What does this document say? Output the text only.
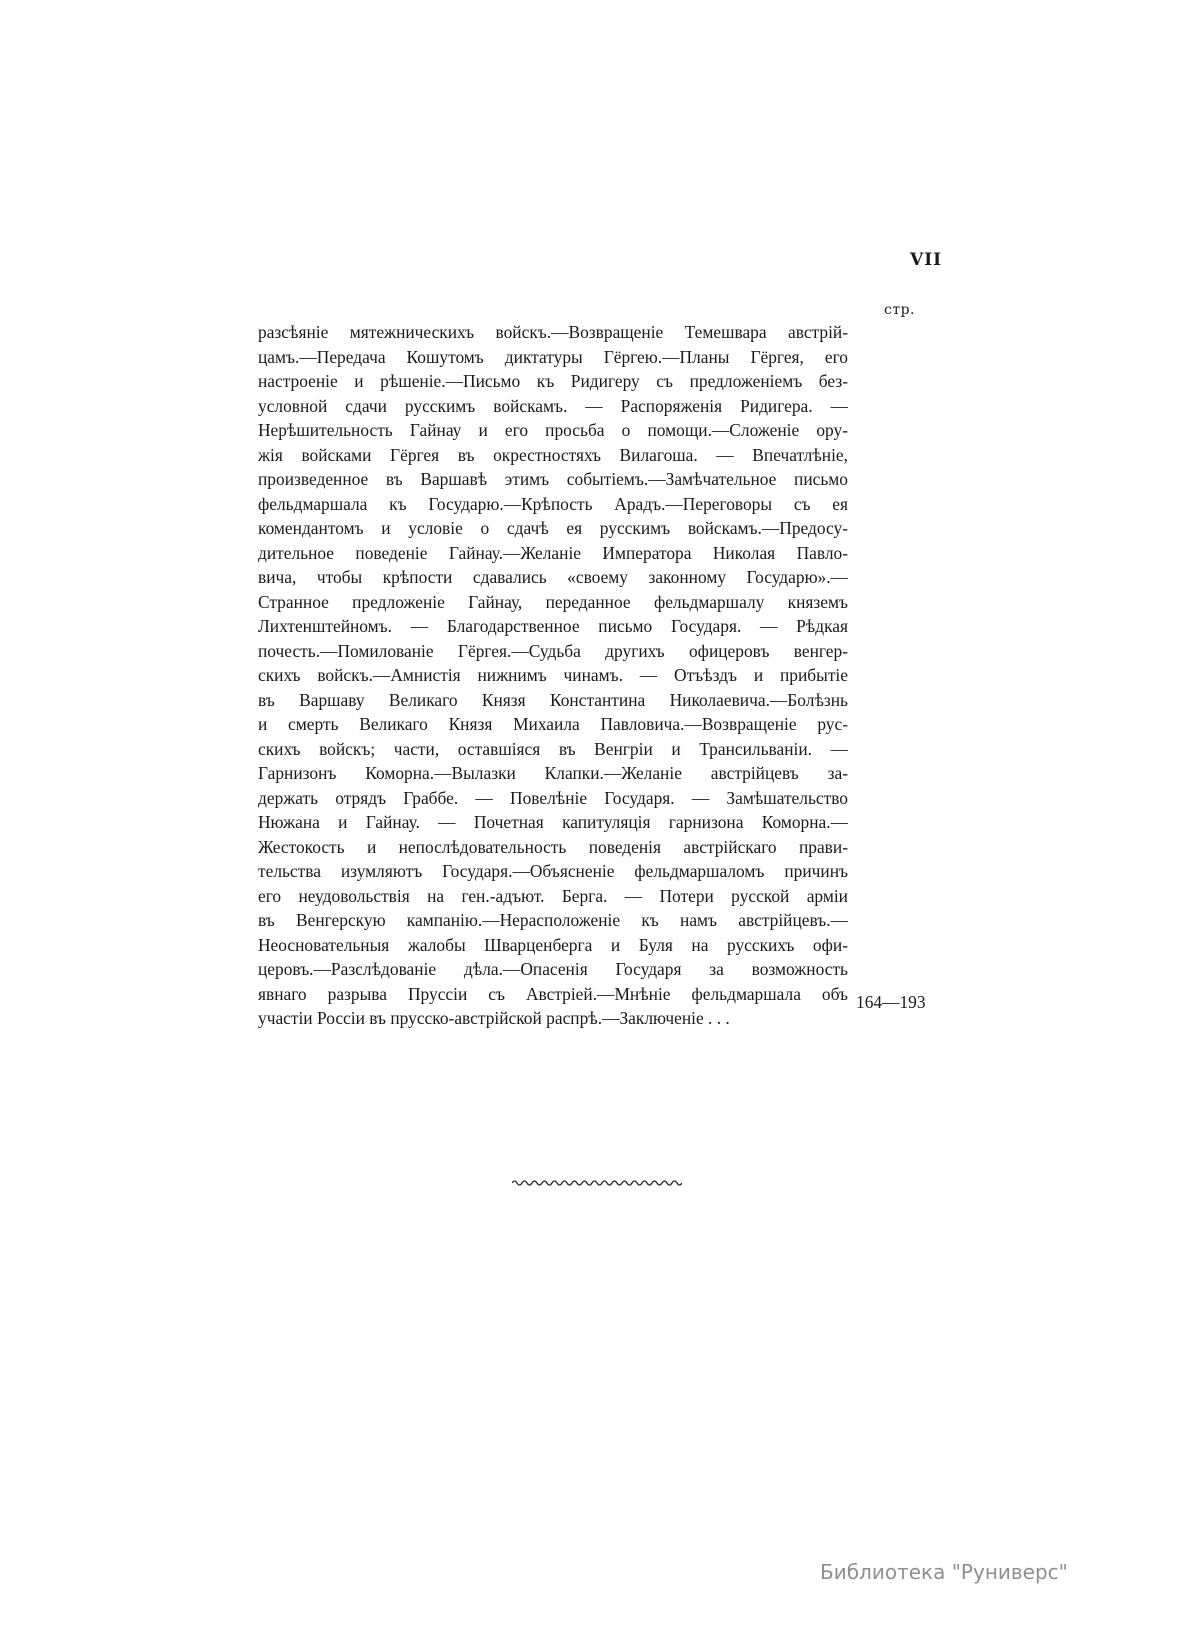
VII
стр.
разсѣяніе мятежническихъ войскъ.—Возвращеніе Темешвара австрій-
цамъ.—Передача Кошутомъ диктатуры Гёргею.—Планы Гёргея, его
настроеніе и рѣшеніе.—Письмо къ Ридигеру съ предложеніемъ без-
условной сдачи русскимъ войскамъ. — Распоряженія Ридигера. —
Нерѣшительность Гайнау и его просьба о помощи.—Сложеніе ору-
жія войсками Гёргея въ окрестностяхъ Вилагоша. — Впечатлѣніе,
произведенное въ Варшавѣ этимъ событіемъ.—Замѣчательное письмо
фельдмаршала къ Государю.—Крѣпость Арадъ.—Переговоры съ ея
комендантомъ и условіе о сдачѣ ея русскимъ войскамъ.—Предосу-
дительное поведеніе Гайнау.—Желаніе Императора Николая Павло-
вича, чтобы крѣпости сдавались «своему законному Государю».—
Странное предложеніе Гайнау, переданное фельдмаршалу княземъ
Лихтенштейномъ. — Благодарственное письмо Государя. — Рѣдкая
почесть.—Помилованіе Гёргея.—Судьба другихъ офицеровъ венгер-
скихъ войскъ.—Амнистія нижнимъ чинамъ. — Отъѣздъ и прибытіе
въ Варшаву Великаго Князя Константина Николаевича.—Болѣзнь
и смерть Великаго Князя Михаила Павловича.—Возвращеніе рус-
скихъ войскъ; части, оставшіяся въ Венгріи и Трансильваніи. —
Гарнизонъ Коморна.—Вылазки Клапки.—Желаніе австрійцевъ за-
держать отрядъ Граббе. — Повелѣніе Государя. — Замѣшательство
Нюжана и Гайнау. — Почетная капитуляція гарнизона Коморна.—
Жестокость и непослѣдовательность поведенія австрійскаго прави-
тельства изумляютъ Государя.—Объясненіе фельдмаршаломъ причинъ
его неудовольствія на ген.-адъют. Берга. — Потери русской арміи
въ Венгерскую кампанію.—Нерасположеніе къ намъ австрійцевъ.—
Неосновательныя жалобы Шварценберга и Буля на русскихъ офи-
церовъ.—Разслѣдованіе дѣла.—Опасенія Государя за возможность
явнаго разрыва Пруссіи съ Австріей.—Мнѣніе фельдмаршала объ
участіи Россіи въ прусско-австрійской распрѣ.—Заключеніе . . .
164—193
Библиотека "Руниверс"
